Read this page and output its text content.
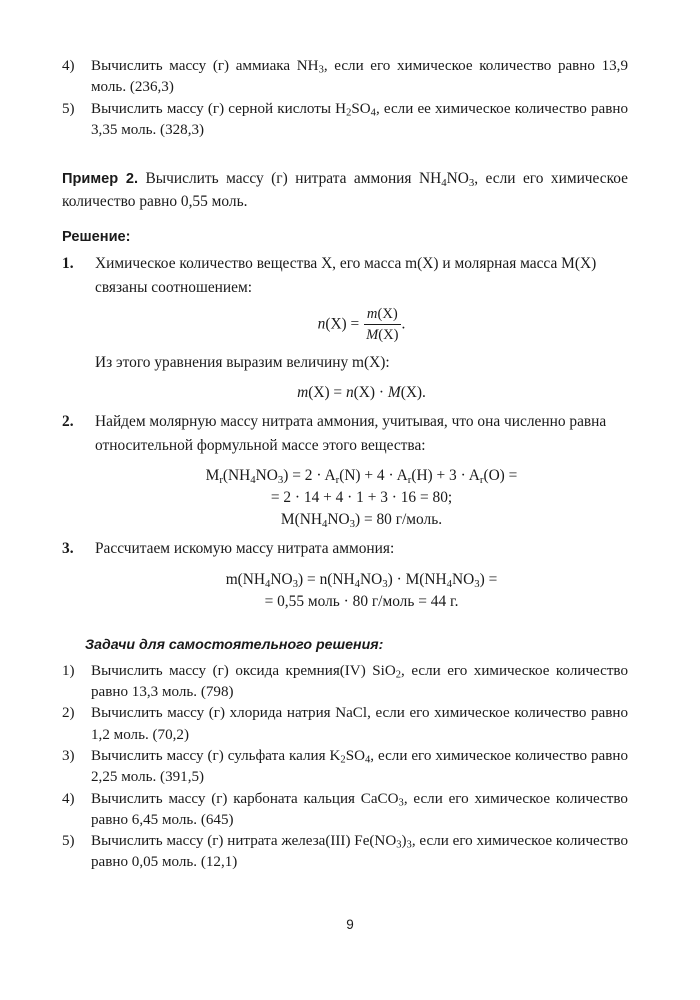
4) Вычислить массу (г) аммиака $NH_3$, если его химическое количество равно 13,9 моль. (236,3)
5) Вычислить массу (г) серной кислоты $H_2SO_4$, если ее химическое количество равно 3,35 моль. (328,3)
Пример 2. Вычислить массу (г) нитрата аммония $NH_4NO_3$, если его химическое количество равно 0,55 моль.
Решение:
1. Химическое количество вещества X, его масса m(X) и молярная масса M(X) связаны соотношением:
$n(X) = \frac{m(X)}{M(X)}$ .
Из этого уравнения выразим величину m(X):
m(X) = n(X) · M(X).
2. Найдем молярную массу нитрата аммония, учитывая, что она численно равна относительной формульной массе этого вещества:
$Mr(NH_4NO_3) = 2 \cdot Ar(N) + 4 \cdot Ar(H) + 3 \cdot Ar(O)$ =
= 2 · 14 + 4 · 1 + 3 · 16 = 80;
$M(NH_4NO_3) = 80$ г/моль.
3. Рассчитаем искомую массу нитрата аммония:
$m(NH_4NO_3) = n(NH_4NO_3) \cdot M(NH_4NO_3)$ =
= 0,55 моль · 80 г/моль = 44 г.
Задачи для самостоятельного решения:
1) Вычислить массу (г) оксида кремния(IV) SiO$_2$, если его химическое количество равно 13,3 моль. (798)
2) Вычислить массу (г) хлорида натрия NaCl, если его химическое количество равно 1,2 моль. (70,2)
3) Вычислить массу (г) сульфата калия $K_2SO_4$, если его химическое количество равно 2,25 моль. (391,5)
4) Вычислить массу (г) карбоната кальция CaCO$_3$, если его химическое количество равно 6,45 моль. (645)
5) Вычислить массу (г) нитрата железа(III) $Fe(NO_3)_3$, если его химическое количество равно 0,05 моль. (12,1)
9
